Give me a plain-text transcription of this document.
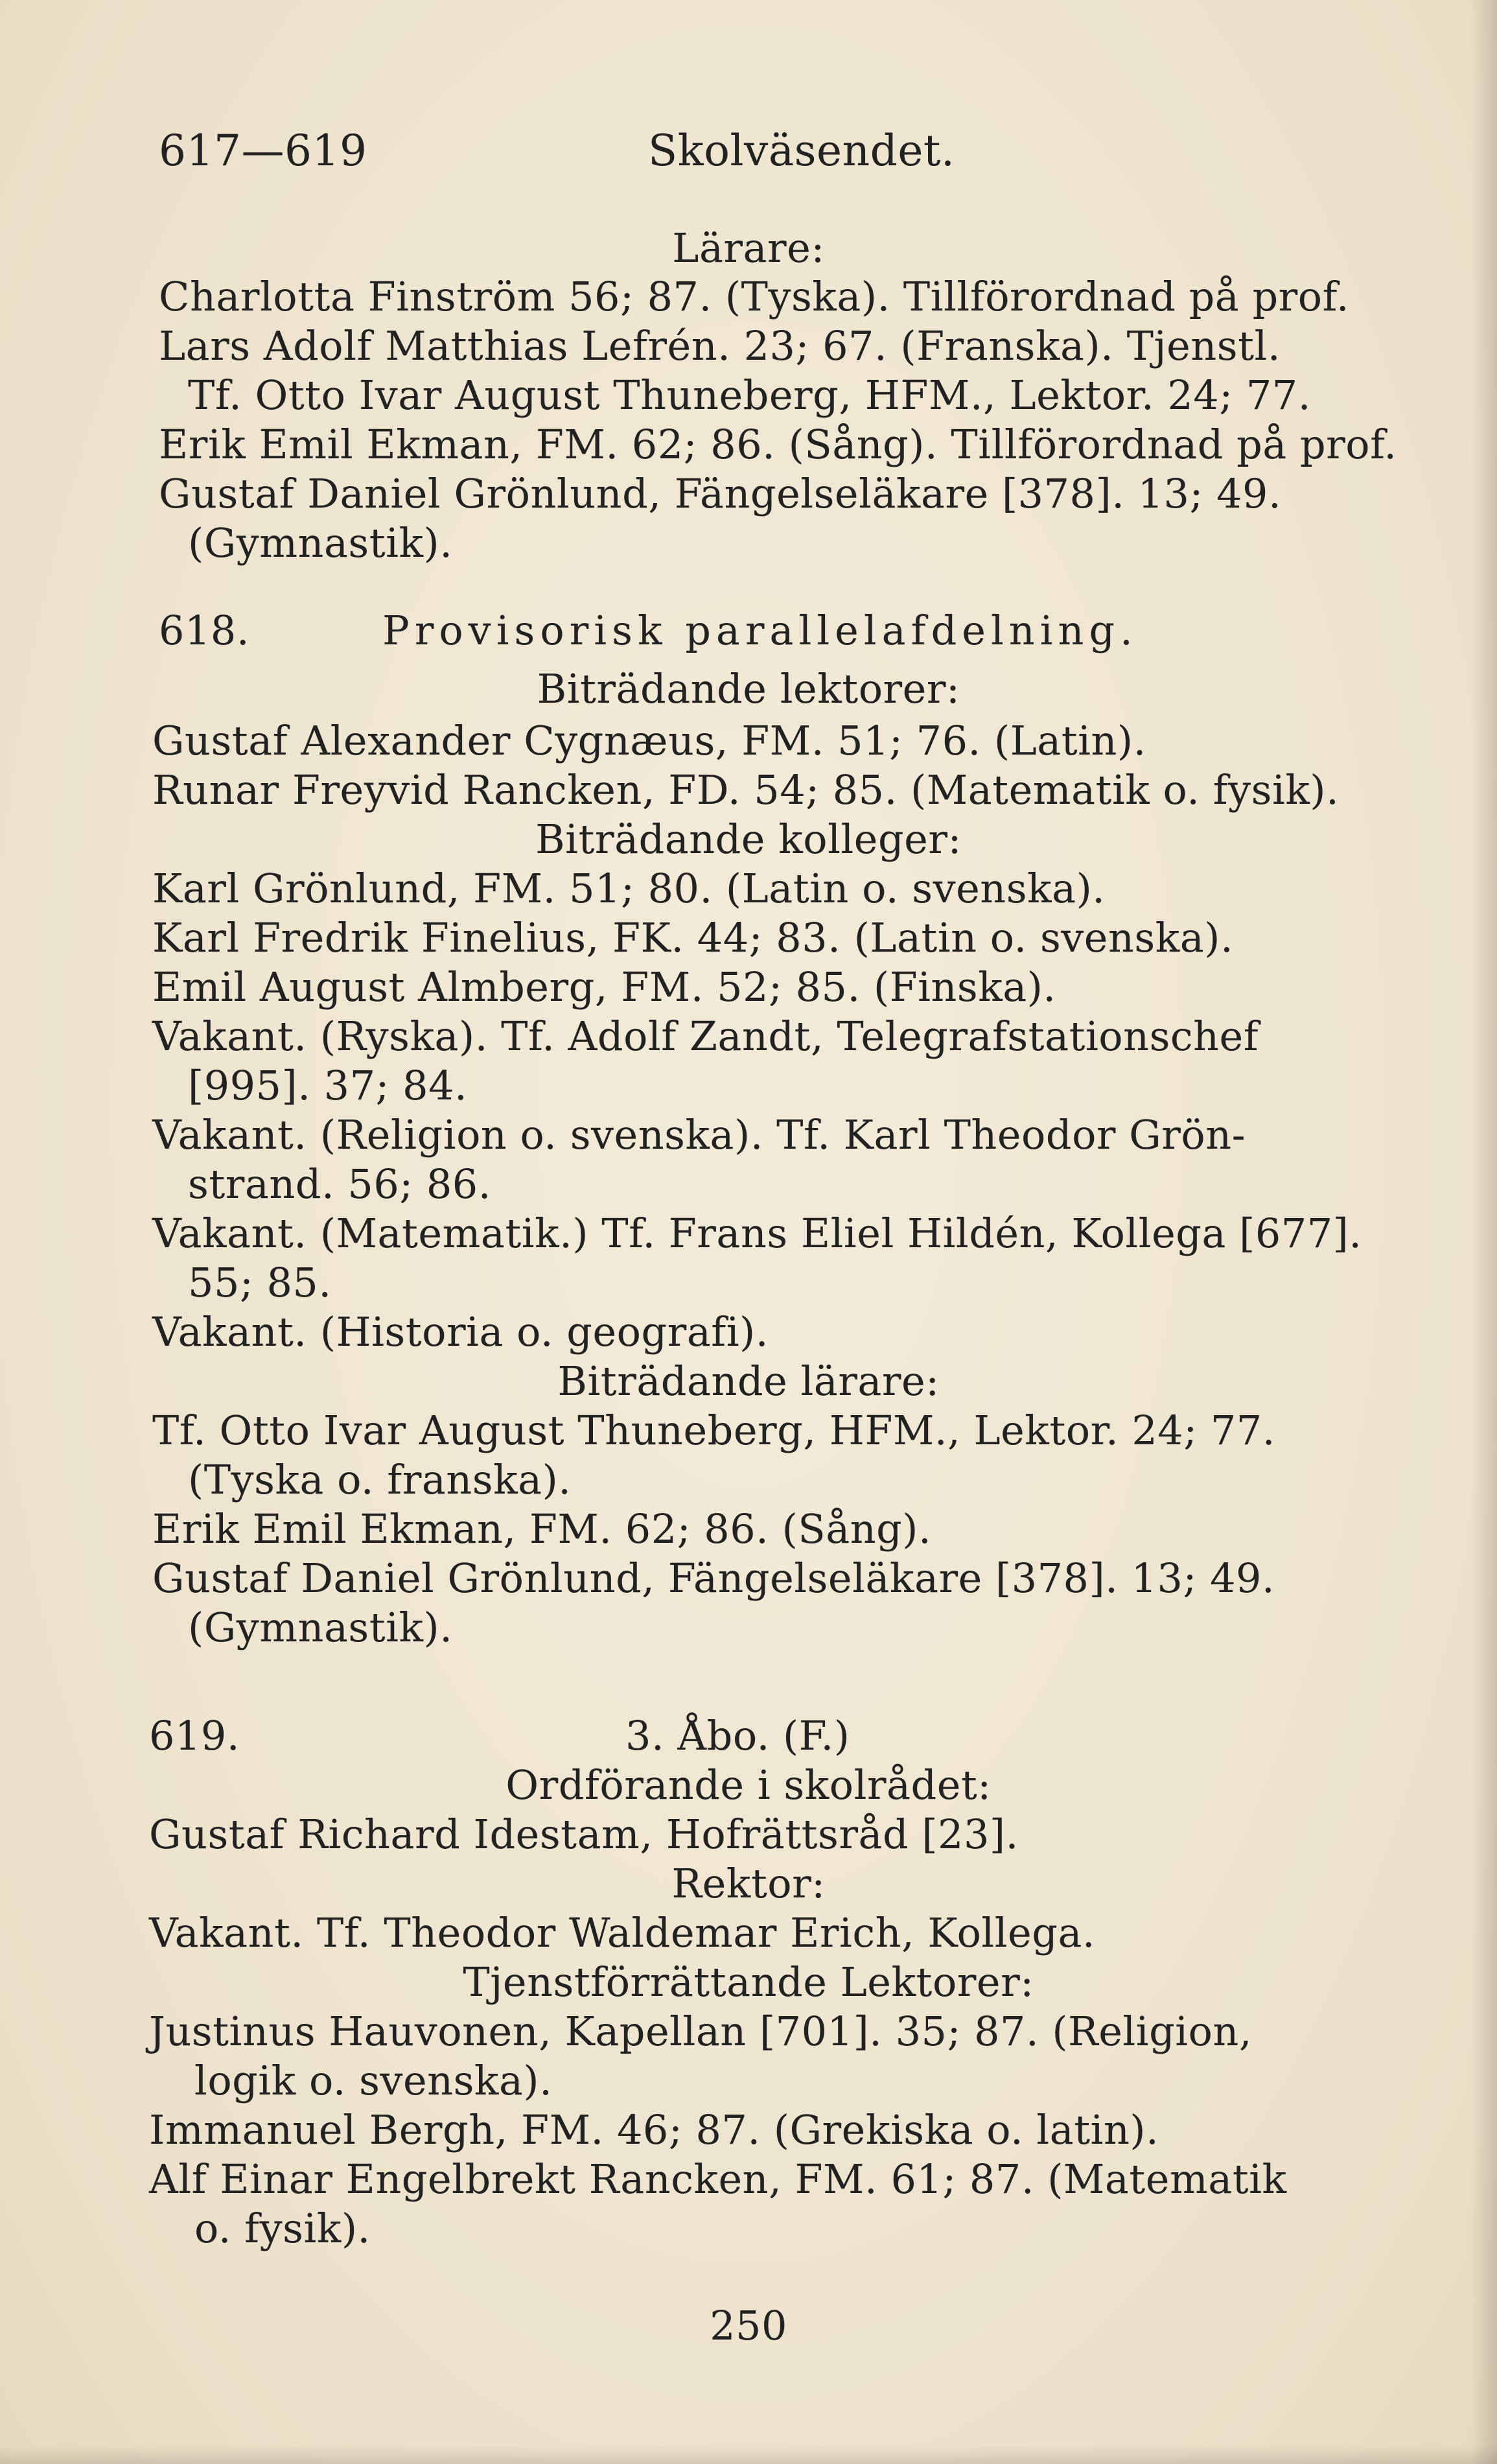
617—619	Skolväsendet.
Lärare:
Charlotta Finström 56; 87. (Tyska). Tillförordnad på prof.
Lars Adolf Matthias Lefrén. 23; 67. (Franska). Tjenstl.
Tf. Otto Ivar August Thuneberg, HFM., Lektor. 24; 77.
Erik Emil Ekman, FM. 62; 86. (Sång). Tillförordnad på prof.
Gustaf Daniel Grönlund, Fängelseläkare [378]. 13; 49.
(Gymnastik).
618.	Provisorisk parallelafdelning.
Biträdande lektorer:
Gustaf Alexander Cygnæus, FM. 51; 76. (Latin).
Runar Freyvid Rancken, FD. 54; 85. (Matematik o. fysik).
Biträdande kolleger:
Karl Grönlund, FM. 51; 80. (Latin o. svenska).
Karl Fredrik Finelius, FK. 44; 83. (Latin o. svenska).
Emil August Almberg, FM. 52; 85. (Finska).
Vakant. (Ryska). Tf. Adolf Zandt, Telegrafstationschef
[995]. 37; 84.
Vakant. (Religion o. svenska). Tf. Karl Theodor Grön-
strand. 56; 86.
Vakant. (Matematik.) Tf. Frans Eliel Hildén, Kollega [677].
55; 85.
Vakant. (Historia o. geografi).
Biträdande lärare:
Tf. Otto Ivar August Thuneberg, HFM., Lektor. 24; 77.
(Tyska o. franska).
Erik Emil Ekman, FM. 62; 86. (Sång).
Gustaf Daniel Grönlund, Fängelseläkare [378]. 13; 49.
(Gymnastik).
619.	3. Åbo. (F.)
Ordförande i skolrådet:
Gustaf Richard Idestam, Hofrättsråd [23].
Rektor:
Vakant. Tf. Theodor Waldemar Erich, Kollega.
Tjenstförrättande Lektorer:
Justinus Hauvonen, Kapellan [701]. 35; 87. (Religion,
logik o. svenska).
Immanuel Bergh, FM. 46; 87. (Grekiska o. latin).
Alf Einar Engelbrekt Rancken, FM. 61; 87. (Matematik
o. fysik).
250
